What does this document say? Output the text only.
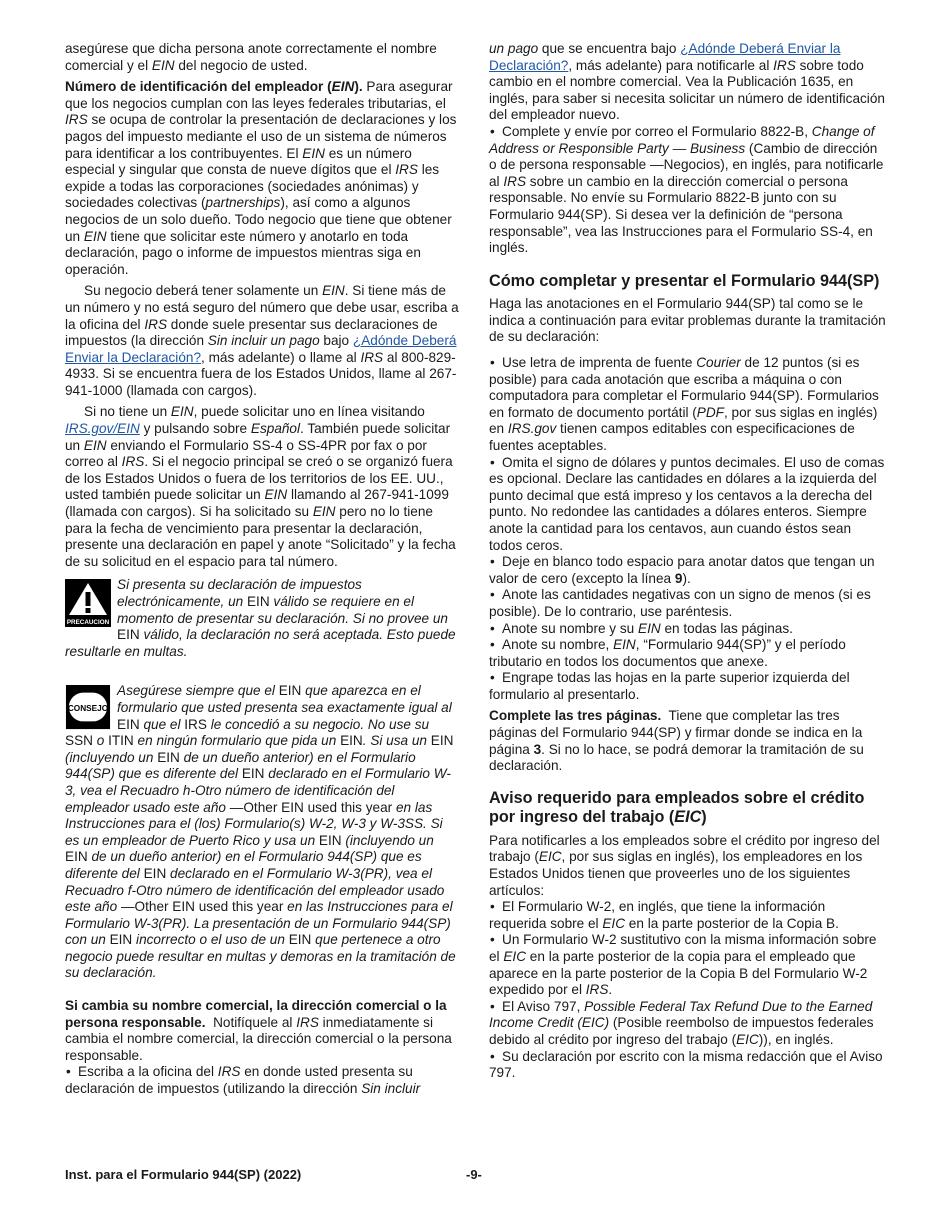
asegúrese que dicha persona anote correctamente el nombre comercial y el EIN del negocio de usted.

Número de identificación del empleador (EIN). Para asegurar que los negocios cumplan con las leyes federales tributarias, el IRS se ocupa de controlar la presentación de declaraciones y los pagos del impuesto mediante el uso de un sistema de números para identificar a los contribuyentes. El EIN es un número especial y singular que consta de nueve dígitos que el IRS les expide a todas las corporaciones (sociedades anónimas) y sociedades colectivas (partnerships), así como a algunos negocios de un solo dueño. Todo negocio que tiene que obtener un EIN tiene que solicitar este número y anotarlo en toda declaración, pago o informe de impuestos mientras siga en operación.

Su negocio deberá tener solamente un EIN. Si tiene más de un número y no está seguro del número que debe usar, escriba a la oficina del IRS donde suele presentar sus declaraciones de impuestos (la dirección Sin incluir un pago bajo ¿Adónde Deberá Enviar la Declaración?, más adelante) o llame al IRS al 800-829-4933. Si se encuentra fuera de los Estados Unidos, llame al 267-941-1000 (llamada con cargos).

Si no tiene un EIN, puede solicitar uno en línea visitando IRS.gov/EIN y pulsando sobre Español. También puede solicitar un EIN enviando el Formulario SS-4 o SS-4PR por fax o por correo al IRS. Si el negocio principal se creó o se organizó fuera de los Estados Unidos o fuera de los territorios de los EE. UU., usted también puede solicitar un EIN llamando al 267-941-1099 (llamada con cargos). Si ha solicitado su EIN pero no lo tiene para la fecha de vencimiento para presentar la declaración, presente una declaración en papel y anote “Solicitado” y la fecha de su solicitud en el espacio para tal número.

PRECAUCION

Si presenta su declaración de impuestos electrónicamente, un EIN válido se requiere en el momento de presentar su declaración. Si no provee un EIN válido, la declaración no será aceptada. Esto puede resultarle en multas.

CONSEJO

Asegúrese siempre que el EIN que aparezca en el formulario que usted presenta sea exactamente igual al EIN que el IRS le concedió a su negocio. No use su SSN o ITIN en ningún formulario que pida un EIN. Si usa un EIN (incluyendo un EIN de un dueño anterior) en el Formulario 944(SP) que es diferente del EIN declarado en el Formulario W-3, vea el Recuadro h-Otro número de identificación del empleador usado este año —Other EIN used this year en las Instrucciones para el (los) Formulario(s) W-2, W-3 y W-3SS. Si es un empleador de Puerto Rico y usa un EIN (incluyendo un EIN de un dueño anterior) en el Formulario 944(SP) que es diferente del EIN declarado en el Formulario W-3(PR), vea el Recuadro f-Otro número de identificación del empleador usado este año —Other EIN used this year en las Instrucciones para el Formulario W-3(PR). La presentación de un Formulario 944(SP) con un EIN incorrecto o el uso de un EIN que pertenece a otro negocio puede resultar en multas y demoras en la tramitación de su declaración.

Si cambia su nombre comercial, la dirección comercial o la persona responsable.  Notifíquele al IRS inmediatamente si cambia el nombre comercial, la dirección comercial o la persona responsable.

• Escriba a la oficina del IRS en donde usted presenta su declaración de impuestos (utilizando la dirección Sin incluir

un pago que se encuentra bajo ¿Adónde Deberá Enviar la Declaración?, más adelante) para notificarle al IRS sobre todo cambio en el nombre comercial. Vea la Publicación 1635, en inglés, para saber si necesita solicitar un número de identificación del empleador nuevo.

• Complete y envíe por correo el Formulario 8822-B, Change of Address or Responsible Party — Business (Cambio de dirección o de persona responsable —Negocios), en inglés, para notificarle al IRS sobre un cambio en la dirección comercial o persona responsable. No envíe su Formulario 8822-B junto con su Formulario 944(SP). Si desea ver la definición de “persona responsable”, vea las Instrucciones para el Formulario SS-4, en inglés.

Cómo completar y presentar el Formulario 944(SP)

Haga las anotaciones en el Formulario 944(SP) tal como se le indica a continuación para evitar problemas durante la tramitación de su declaración:

• Use letra de imprenta de fuente Courier de 12 puntos (si es posible) para cada anotación que escriba a máquina o con computadora para completar el Formulario 944(SP). Formularios en formato de documento portátil (PDF, por sus siglas en inglés) en IRS.gov tienen campos editables con especificaciones de fuentes aceptables.

• Omita el signo de dólares y puntos decimales. El uso de comas es opcional. Declare las cantidades en dólares a la izquierda del punto decimal que está impreso y los centavos a la derecha del punto. No redondee las cantidades a dólares enteros. Siempre anote la cantidad para los centavos, aun cuando éstos sean todos ceros.

• Deje en blanco todo espacio para anotar datos que tengan un valor de cero (excepto la línea 9).

• Anote las cantidades negativas con un signo de menos (si es posible). De lo contrario, use paréntesis.

• Anote su nombre y su EIN en todas las páginas.

• Anote su nombre, EIN, “Formulario 944(SP)” y el período tributario en todos los documentos que anexe.

• Engrape todas las hojas en la parte superior izquierda del formulario al presentarlo.

Complete las tres páginas.  Tiene que completar las tres páginas del Formulario 944(SP) y firmar donde se indica en la página 3. Si no lo hace, se podrá demorar la tramitación de su declaración.

Aviso requerido para empleados sobre el crédito por ingreso del trabajo (EIC)

Para notificarles a los empleados sobre el crédito por ingreso del trabajo (EIC, por sus siglas en inglés), los empleadores en los Estados Unidos tienen que proveerles uno de los siguientes artículos:

• El Formulario W-2, en inglés, que tiene la información requerida sobre el EIC en la parte posterior de la Copia B.

• Un Formulario W-2 sustitutivo con la misma información sobre el EIC en la parte posterior de la copia para el empleado que aparece en la parte posterior de la Copia B del Formulario W-2 expedido por el IRS.

• El Aviso 797, Possible Federal Tax Refund Due to the Earned Income Credit (EIC) (Posible reembolso de impuestos federales debido al crédito por ingreso del trabajo (EIC)), en inglés.

• Su declaración por escrito con la misma redacción que el Aviso 797.

Inst. para el Formulario 944(SP) (2022)	-9-
